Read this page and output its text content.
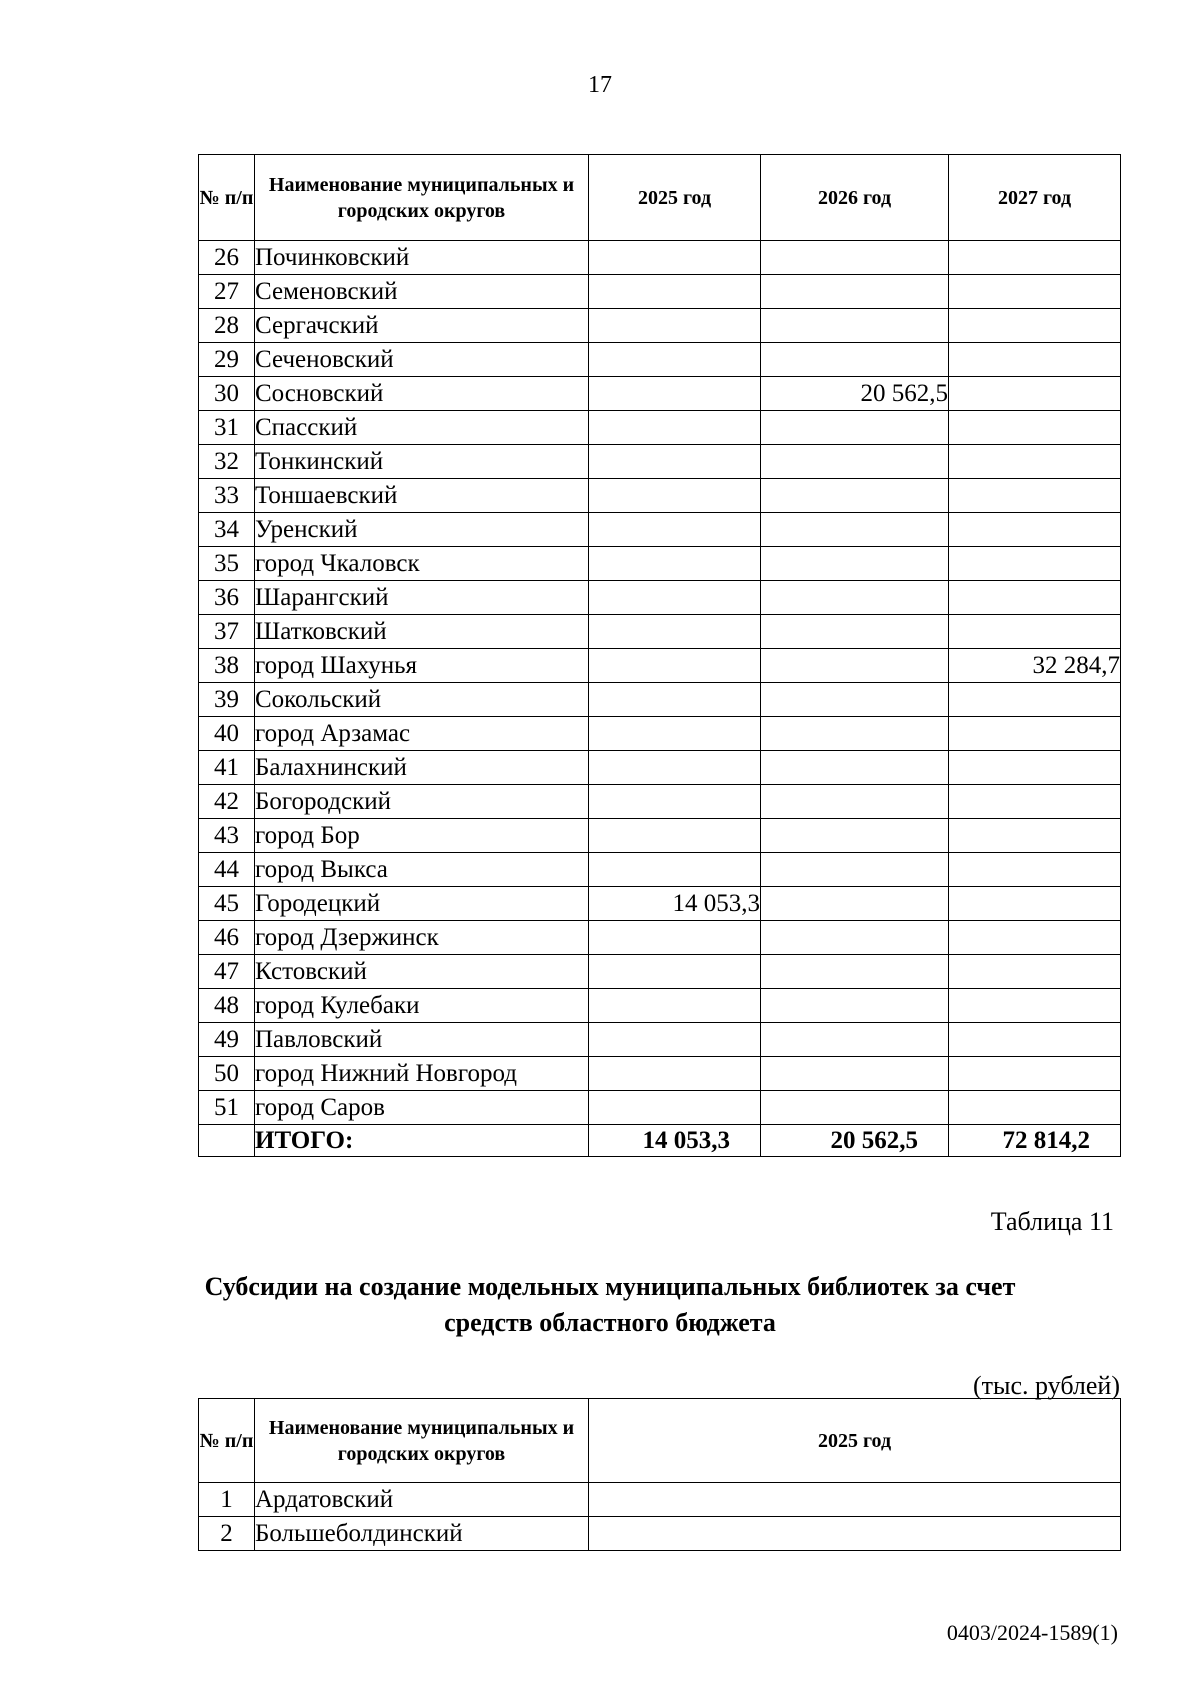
17
№ п/п	Наименование муниципальных и городских округов	2025 год	2026 год	2027 год
26	Починковский			
27	Семеновский			
28	Сергачский			
29	Сеченовский			
30	Сосновский		20 562,5	
31	Спасский			
32	Тонкинский			
33	Тоншаевский			
34	Уренский			
35	город Чкаловск			
36	Шарангский			
37	Шатковский			
38	город Шахунья			32 284,7
39	Сокольский			
40	город Арзамас			
41	Балахнинский			
42	Богородский			
43	город Бор			
44	город Выкса			
45	Городецкий	14 053,3		
46	город Дзержинск			
47	Кстовский			
48	город Кулебаки			
49	Павловский			
50	город Нижний Новгород			
51	город Саров			
	ИТОГО:	14 053,3	20 562,5	72 814,2
Таблица 11
Субсидии на создание модельных муниципальных библиотек за счет средств областного бюджета
(тыс. рублей)
№ п/п	Наименование муниципальных и городских округов	2025 год
1	Ардатовский	
2	Большеболдинский	
0403/2024-1589(1)
